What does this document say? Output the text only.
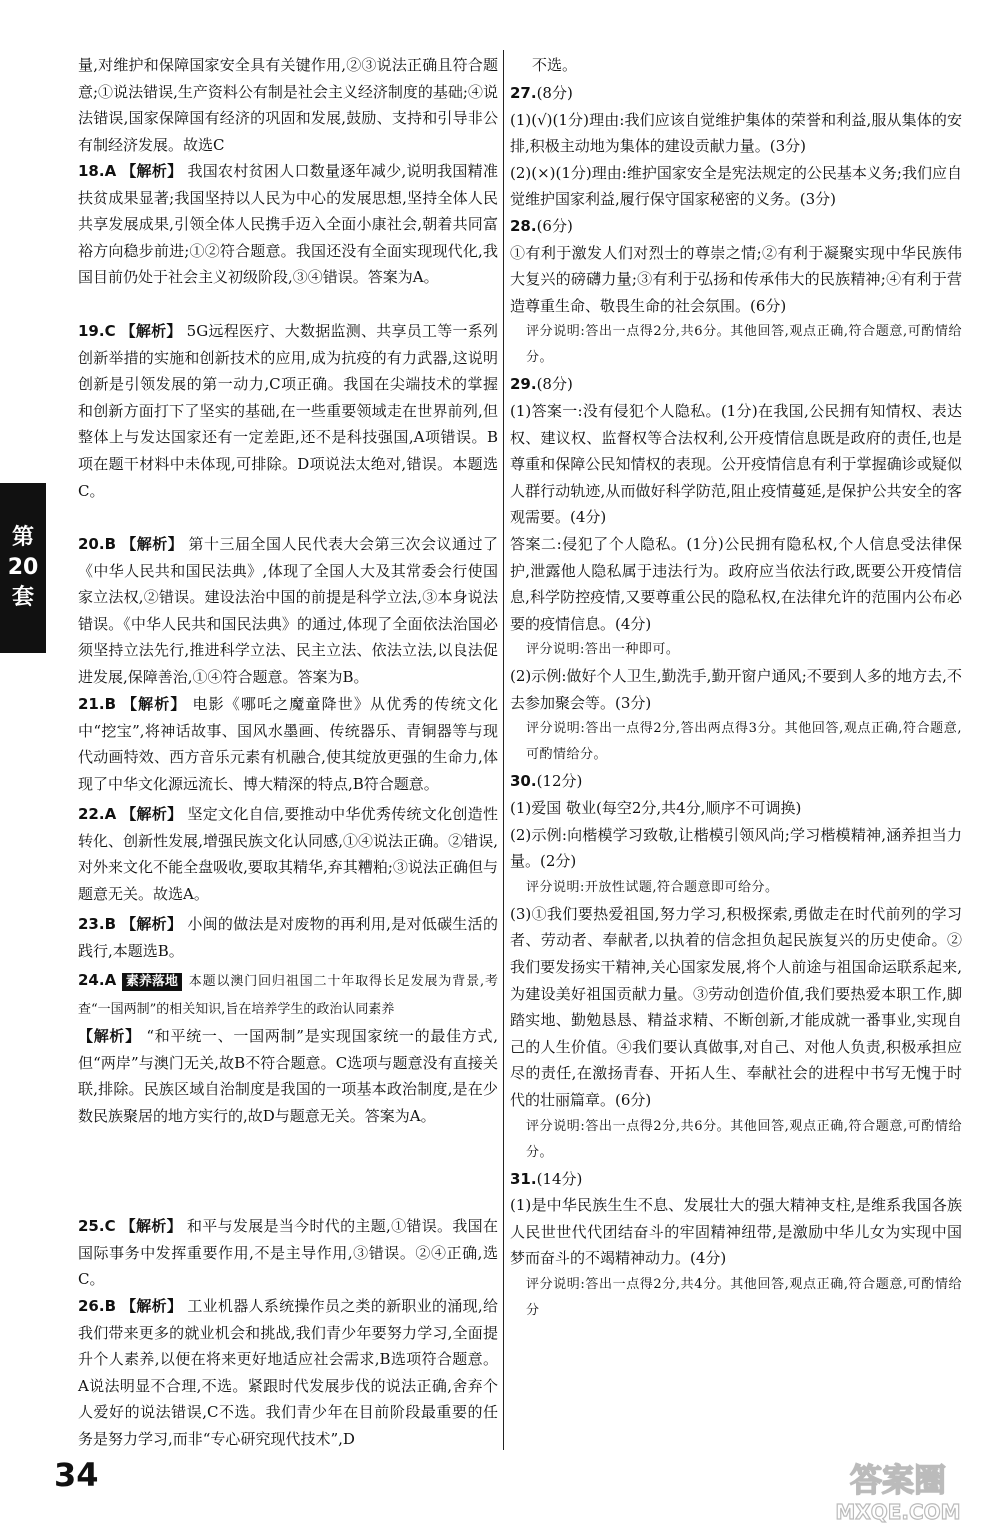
第
20
套
量,对维护和保障国家安全具有关键作用,②③说法正确且符合题意;①说法错误,生产资料公有制是社会主义经济制度的基础;④说法错误,国家保障国有经济的巩固和发展,鼓励、支持和引导非公有制经济发展。故选C
18.A 【解析】 我国农村贫困人口数量逐年减少,说明我国精准扶贫成果显著;我国坚持以人民为中心的发展思想,坚持全体人民共享发展成果,引领全体人民携手迈入全面小康社会,朝着共同富裕方向稳步前进;①②符合题意。我国还没有全面实现现代化,我国目前仍处于社会主义初级阶段,③④错误。答案为A。
19.C 【解析】 5G远程医疗、大数据监测、共享员工等一系列创新举措的实施和创新技术的应用,成为抗疫的有力武器,这说明创新是引领发展的第一动力,C项正确。我国在尖端技术的掌握和创新方面打下了坚实的基础,在一些重要领域走在世界前列,但整体上与发达国家还有一定差距,还不是科技强国,A项错误。B项在题干材料中未体现,可排除。D项说法太绝对,错误。本题选C。
20.B 【解析】 第十三届全国人民代表大会第三次会议通过了《中华人民共和国民法典》,体现了全国人大及其常委会行使国家立法权,②错误。建设法治中国的前提是科学立法,③本身说法错误。《中华人民共和国民法典》的通过,体现了全面依法治国必须坚持立法先行,推进科学立法、民主立法、依法立法,以良法促进发展,保障善治,①④符合题意。答案为B。
21.B 【解析】 电影《哪吒之魔童降世》从优秀的传统文化中“挖宝”,将神话故事、国风水墨画、传统器乐、青铜器等与现代动画特效、西方音乐元素有机融合,使其绽放更强的生命力,体现了中华文化源远流长、博大精深的特点,B符合题意。
22.A 【解析】 坚定文化自信,要推动中华优秀传统文化创造性转化、创新性发展,增强民族文化认同感,①④说法正确。②错误,对外来文化不能全盘吸收,要取其精华,弃其糟粕;③说法正确但与题意无关。故选A。
23.B 【解析】 小闽的做法是对废物的再利用,是对低碳生活的践行,本题选B。
24.A 素养落地 本题以澳门回归祖国二十年取得长足发展为背景,考查“一国两制”的相关知识,旨在培养学生的政治认同素养
【解析】 “和平统一、一国两制”是实现国家统一的最佳方式,但“两岸”与澳门无关,故B不符合题意。C选项与题意没有直接关联,排除。民族区域自治制度是我国的一项基本政治制度,是在少数民族聚居的地方实行的,故D与题意无关。答案为A。
25.C 【解析】 和平与发展是当今时代的主题,①错误。我国在国际事务中发挥重要作用,不是主导作用,③错误。②④正确,选C。
26.B 【解析】 工业机器人系统操作员之类的新职业的涌现,给我们带来更多的就业机会和挑战,我们青少年要努力学习,全面提升个人素养,以便在将来更好地适应社会需求,B选项符合题意。A说法明显不合理,不选。紧跟时代发展步伐的说法正确,舍弃个人爱好的说法错误,C不选。我们青少年在目前阶段最重要的任务是努力学习,而非“专心研究现代技术”,D
不选。
27.(8分)
(1)(√)(1分)理由:我们应该自觉维护集体的荣誉和利益,服从集体的安排,积极主动地为集体的建设贡献力量。(3分)
(2)(×)(1分)理由:维护国家安全是宪法规定的公民基本义务;我们应自觉维护国家利益,履行保守国家秘密的义务。(3分)
28.(6分)
①有利于激发人们对烈士的尊崇之情;②有利于凝聚实现中华民族伟大复兴的磅礴力量;③有利于弘扬和传承伟大的民族精神;④有利于营造尊重生命、敬畏生命的社会氛围。(6分)
评分说明:答出一点得2分,共6分。其他回答,观点正确,符合题意,可酌情给分。
29.(8分)
(1)答案一:没有侵犯个人隐私。(1分)在我国,公民拥有知情权、表达权、建议权、监督权等合法权利,公开疫情信息既是政府的责任,也是尊重和保障公民知情权的表现。公开疫情信息有利于掌握确诊或疑似人群行动轨迹,从而做好科学防范,阻止疫情蔓延,是保护公共安全的客观需要。(4分)
答案二:侵犯了个人隐私。(1分)公民拥有隐私权,个人信息受法律保护,泄露他人隐私属于违法行为。政府应当依法行政,既要公开疫情信息,科学防控疫情,又要尊重公民的隐私权,在法律允许的范围内公布必要的疫情信息。(4分)
评分说明:答出一种即可。
(2)示例:做好个人卫生,勤洗手,勤开窗户通风;不要到人多的地方去,不去参加聚会等。(3分)
评分说明:答出一点得2分,答出两点得3分。其他回答,观点正确,符合题意,可酌情给分。
30.(12分)
(1)爱国 敬业(每空2分,共4分,顺序不可调换)
(2)示例:向楷模学习致敬,让楷模引领风尚;学习楷模精神,涵养担当力量。(2分)
评分说明:开放性试题,符合题意即可给分。
(3)①我们要热爱祖国,努力学习,积极探索,勇做走在时代前列的学习者、劳动者、奉献者,以执着的信念担负起民族复兴的历史使命。②我们要发扬实干精神,关心国家发展,将个人前途与祖国命运联系起来,为建设美好祖国贡献力量。③劳动创造价值,我们要热爱本职工作,脚踏实地、勤勉恳恳、精益求精、不断创新,才能成就一番事业,实现自己的人生价值。④我们要认真做事,对自己、对他人负责,积极承担应尽的责任,在激扬青春、开拓人生、奉献社会的进程中书写无愧于时代的壮丽篇章。(6分)
评分说明:答出一点得2分,共6分。其他回答,观点正确,符合题意,可酌情给分。
31.(14分)
(1)是中华民族生生不息、发展壮大的强大精神支柱,是维系我国各族人民世世代代团结奋斗的牢固精神纽带,是激励中华儿女为实现中国梦而奋斗的不竭精神动力。(4分)
评分说明:答出一点得2分,共4分。其他回答,观点正确,符合题意,可酌情给分
34	答案圈
MXQE.COM
